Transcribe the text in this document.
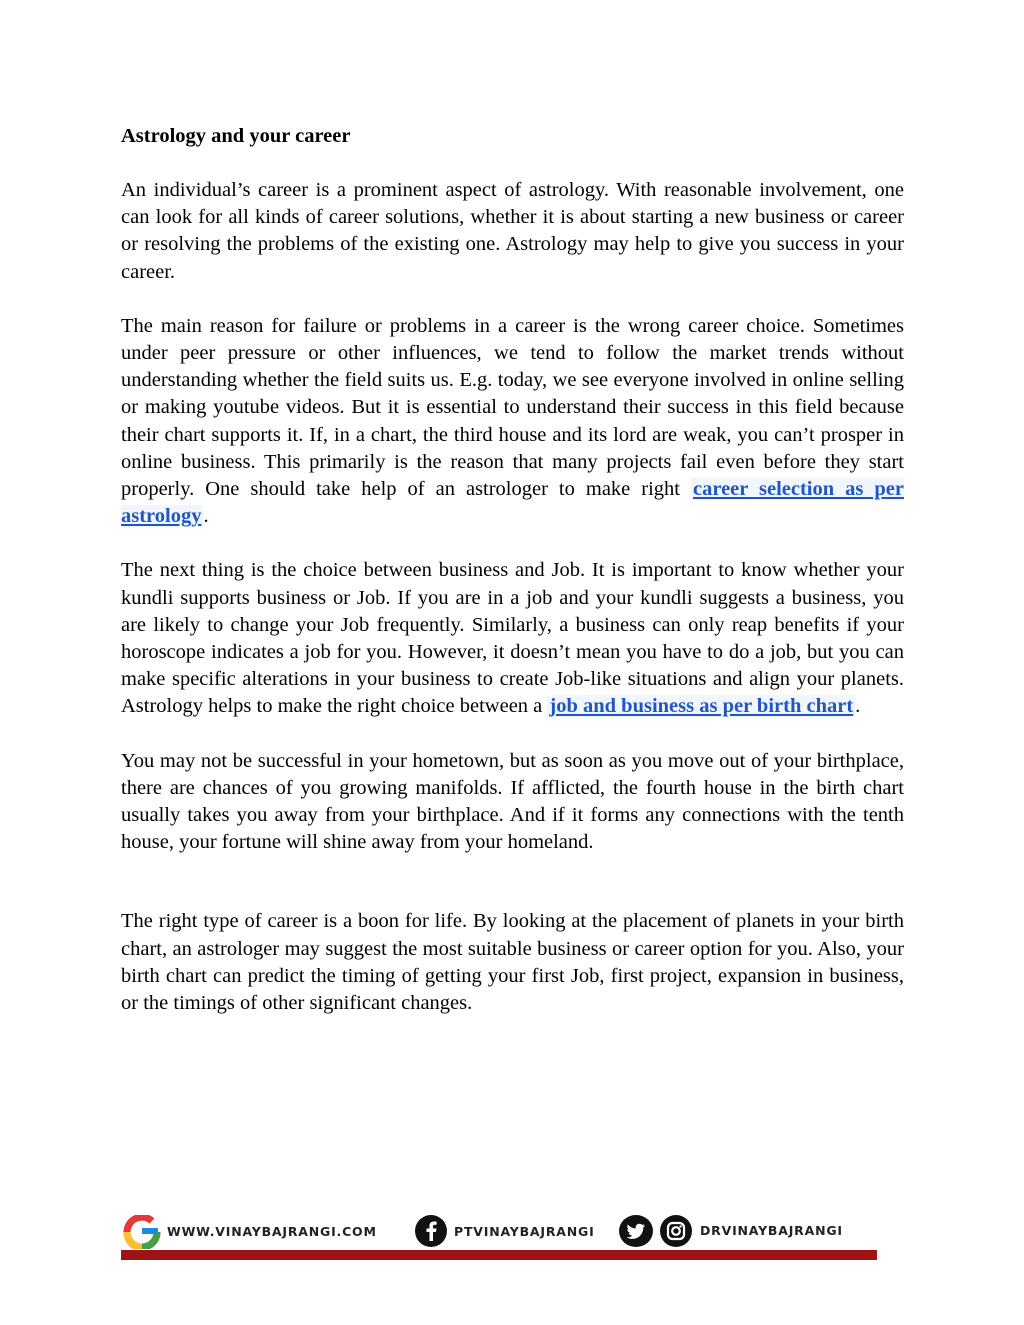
Astrology and your career

An individual’s career is a prominent aspect of astrology. With reasonable involvement, one can look for all kinds of career solutions, whether it is about starting a new business or career or resolving the problems of the existing one. Astrology may help to give you success in your career.

The main reason for failure or problems in a career is the wrong career choice. Sometimes under peer pressure or other influences, we tend to follow the market trends without understanding whether the field suits us. E.g. today, we see everyone involved in online selling or making youtube videos. But it is essential to understand their success in this field because their chart supports it. If, in a chart, the third house and its lord are weak, you can’t prosper in online business. This primarily is the reason that many projects fail even before they start properly. One should take help of an astrologer to make right career selection as per astrology.

The next thing is the choice between business and Job. It is important to know whether your kundli supports business or Job. If you are in a job and your kundli suggests a business, you are likely to change your Job frequently. Similarly, a business can only reap benefits if your horoscope indicates a job for you. However, it doesn’t mean you have to do a job, but you can make specific alterations in your business to create Job-like situations and align your planets. Astrology helps to make the right choice between a job and business as per birth chart.

You may not be successful in your hometown, but as soon as you move out of your birthplace, there are chances of you growing manifolds. If afflicted, the fourth house in the birth chart usually takes you away from your birthplace. And if it forms any connections with the tenth house, your fortune will shine away from your homeland.

The right type of career is a boon for life. By looking at the placement of planets in your birth chart, an astrologer may suggest the most suitable business or career option for you. Also, your birth chart can predict the timing of getting your first Job, first project, expansion in business, or the timings of other significant changes.

WWW.VINAYBAJRANGI.COM	PTVINAYBAJRANGI	DRVINAYBAJRANGI
